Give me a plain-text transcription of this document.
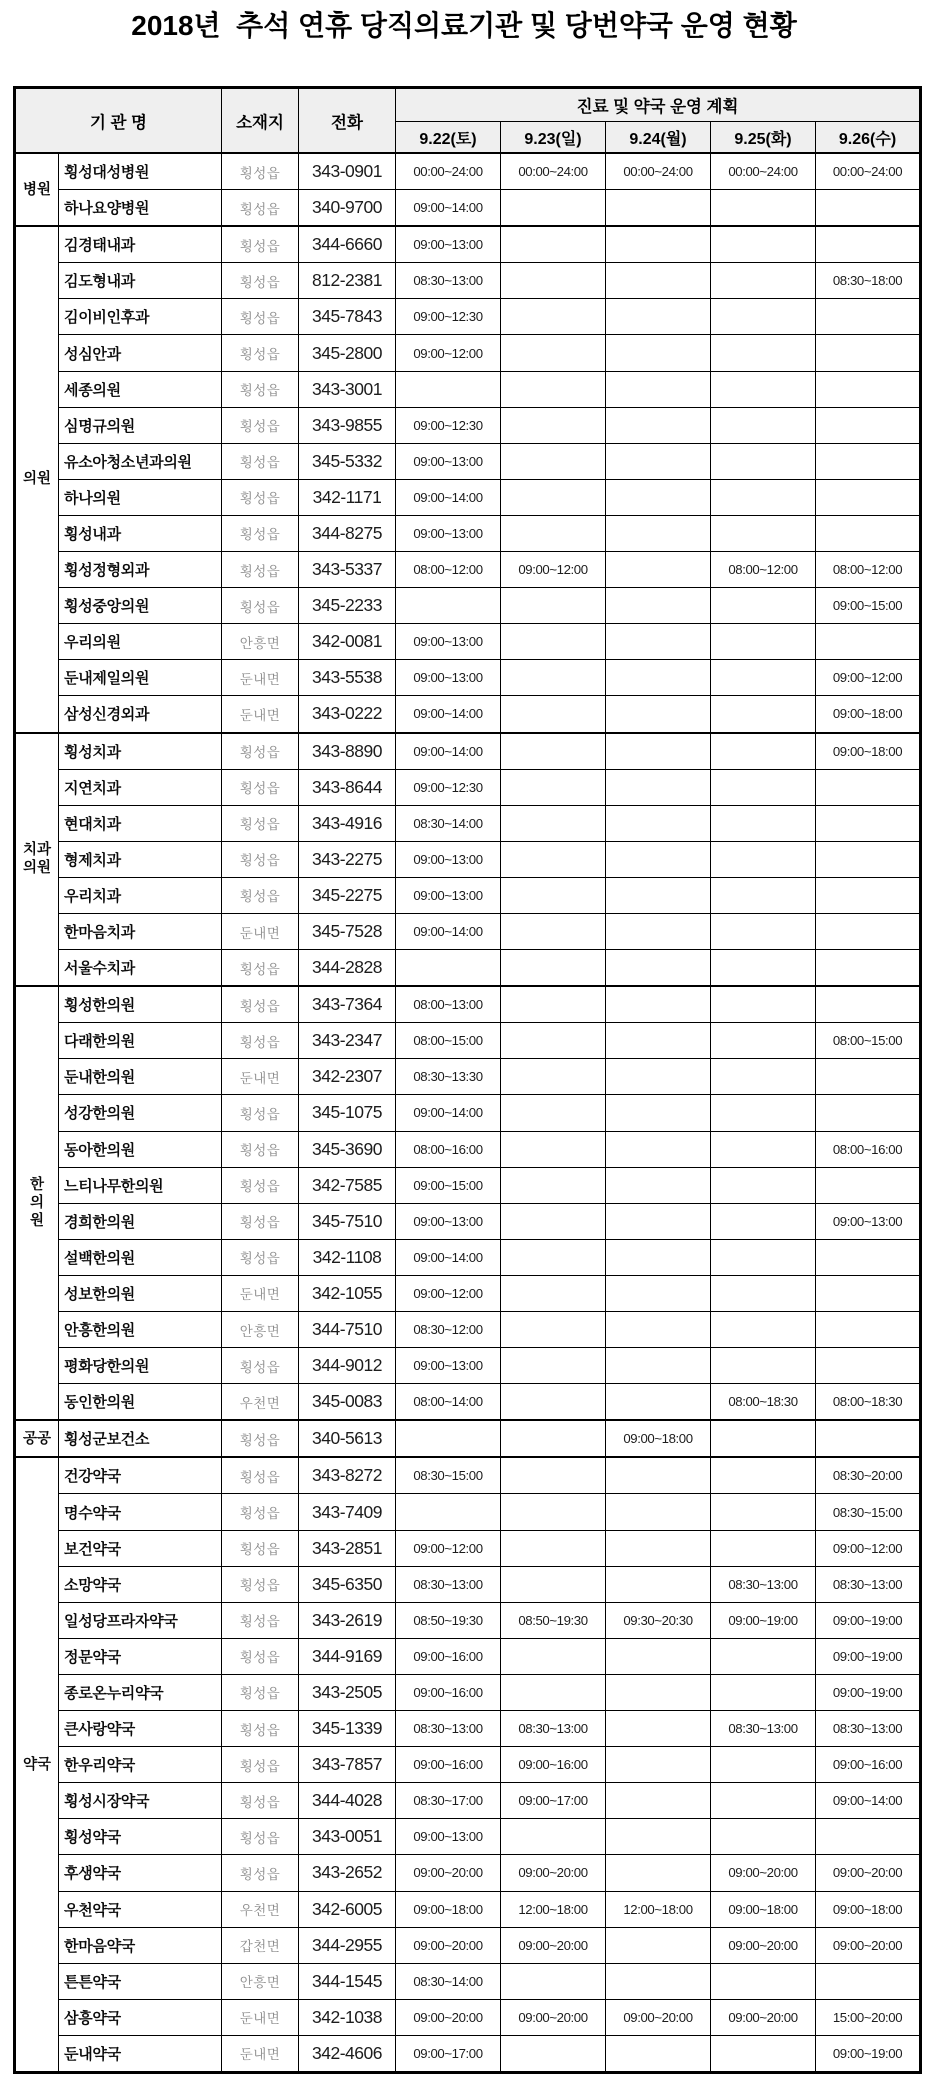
2018년  추석 연휴 당직의료기관 및 당번약국 운영 현황
기 관 명		소재지	전화	진료 및 약국 운영 계획				
				9.22(토)	9.23(일)	9.24(월)	9.25(화)	9.26(수)

병원	횡성대성병원	횡성읍	343-0901	00:00~24:00	00:00~24:00	00:00~24:00	00:00~24:00	00:00~24:00
	하나요양병원	횡성읍	340-9700	09:00~14:00				

의원	김경태내과	횡성읍	344-6660	09:00~13:00				
	김도형내과	횡성읍	812-2381	08:30~13:00				08:30~18:00
	김이비인후과	횡성읍	345-7843	09:00~12:30				
	성심안과	횡성읍	345-2800	09:00~12:00				
	세종의원	횡성읍	343-3001					
	심명규의원	횡성읍	343-9855	09:00~12:30				
	유소아청소년과의원	횡성읍	345-5332	09:00~13:00				
	하나의원	횡성읍	342-1171	09:00~14:00				
	횡성내과	횡성읍	344-8275	09:00~13:00				
	횡성정형외과	횡성읍	343-5337	08:00~12:00	09:00~12:00		08:00~12:00	08:00~12:00
	횡성중앙의원	횡성읍	345-2233					09:00~15:00
	우리의원	안흥면	342-0081	09:00~13:00				
	둔내제일의원	둔내면	343-5538	09:00~13:00				09:00~12:00
	삼성신경외과	둔내면	343-0222	09:00~14:00				09:00~18:00

치과
의원	횡성치과	횡성읍	343-8890	09:00~14:00				09:00~18:00
	지연치과	횡성읍	343-8644	09:00~12:30				
	현대치과	횡성읍	343-4916	08:30~14:00				
	형제치과	횡성읍	343-2275	09:00~13:00				
	우리치과	횡성읍	345-2275	09:00~13:00				
	한마음치과	둔내면	345-7528	09:00~14:00				
	서울수치과	횡성읍	344-2828					

한
의
원	횡성한의원	횡성읍	343-7364	08:00~13:00				
	다래한의원	횡성읍	343-2347	08:00~15:00				08:00~15:00
	둔내한의원	둔내면	342-2307	08:30~13:30				
	성강한의원	횡성읍	345-1075	09:00~14:00				
	동아한의원	횡성읍	345-3690	08:00~16:00				08:00~16:00
	느티나무한의원	횡성읍	342-7585	09:00~15:00				
	경희한의원	횡성읍	345-7510	09:00~13:00				09:00~13:00
	설백한의원	횡성읍	342-1108	09:00~14:00				
	성보한의원	둔내면	342-1055	09:00~12:00				
	안흥한의원	안흥면	344-7510	08:30~12:00				
	평화당한의원	횡성읍	344-9012	09:00~13:00				
	동인한의원	우천면	345-0083	08:00~14:00			08:00~18:30	08:00~18:30

공공	횡성군보건소	횡성읍	340-5613			09:00~18:00		

약국	건강약국	횡성읍	343-8272	08:30~15:00				08:30~20:00
	명수약국	횡성읍	343-7409					08:30~15:00
	보건약국	횡성읍	343-2851	09:00~12:00				09:00~12:00
	소망약국	횡성읍	345-6350	08:30~13:00			08:30~13:00	08:30~13:00
	일성당프라자약국	횡성읍	343-2619	08:50~19:30	08:50~19:30	09:30~20:30	09:00~19:00	09:00~19:00
	정문약국	횡성읍	344-9169	09:00~16:00				09:00~19:00
	종로온누리약국	횡성읍	343-2505	09:00~16:00				09:00~19:00
	큰사랑약국	횡성읍	345-1339	08:30~13:00	08:30~13:00		08:30~13:00	08:30~13:00
	한우리약국	횡성읍	343-7857	09:00~16:00	09:00~16:00			09:00~16:00
	횡성시장약국	횡성읍	344-4028	08:30~17:00	09:00~17:00			09:00~14:00
	횡성약국	횡성읍	343-0051	09:00~13:00				
	후생약국	횡성읍	343-2652	09:00~20:00	09:00~20:00		09:00~20:00	09:00~20:00
	우천약국	우천면	342-6005	09:00~18:00	12:00~18:00	12:00~18:00	09:00~18:00	09:00~18:00
	한마음약국	갑천면	344-2955	09:00~20:00	09:00~20:00		09:00~20:00	09:00~20:00
	튼튼약국	안흥면	344-1545	08:30~14:00				
	삼흥약국	둔내면	342-1038	09:00~20:00	09:00~20:00	09:00~20:00	09:00~20:00	15:00~20:00
	둔내약국	둔내면	342-4606	09:00~17:00				09:00~19:00
